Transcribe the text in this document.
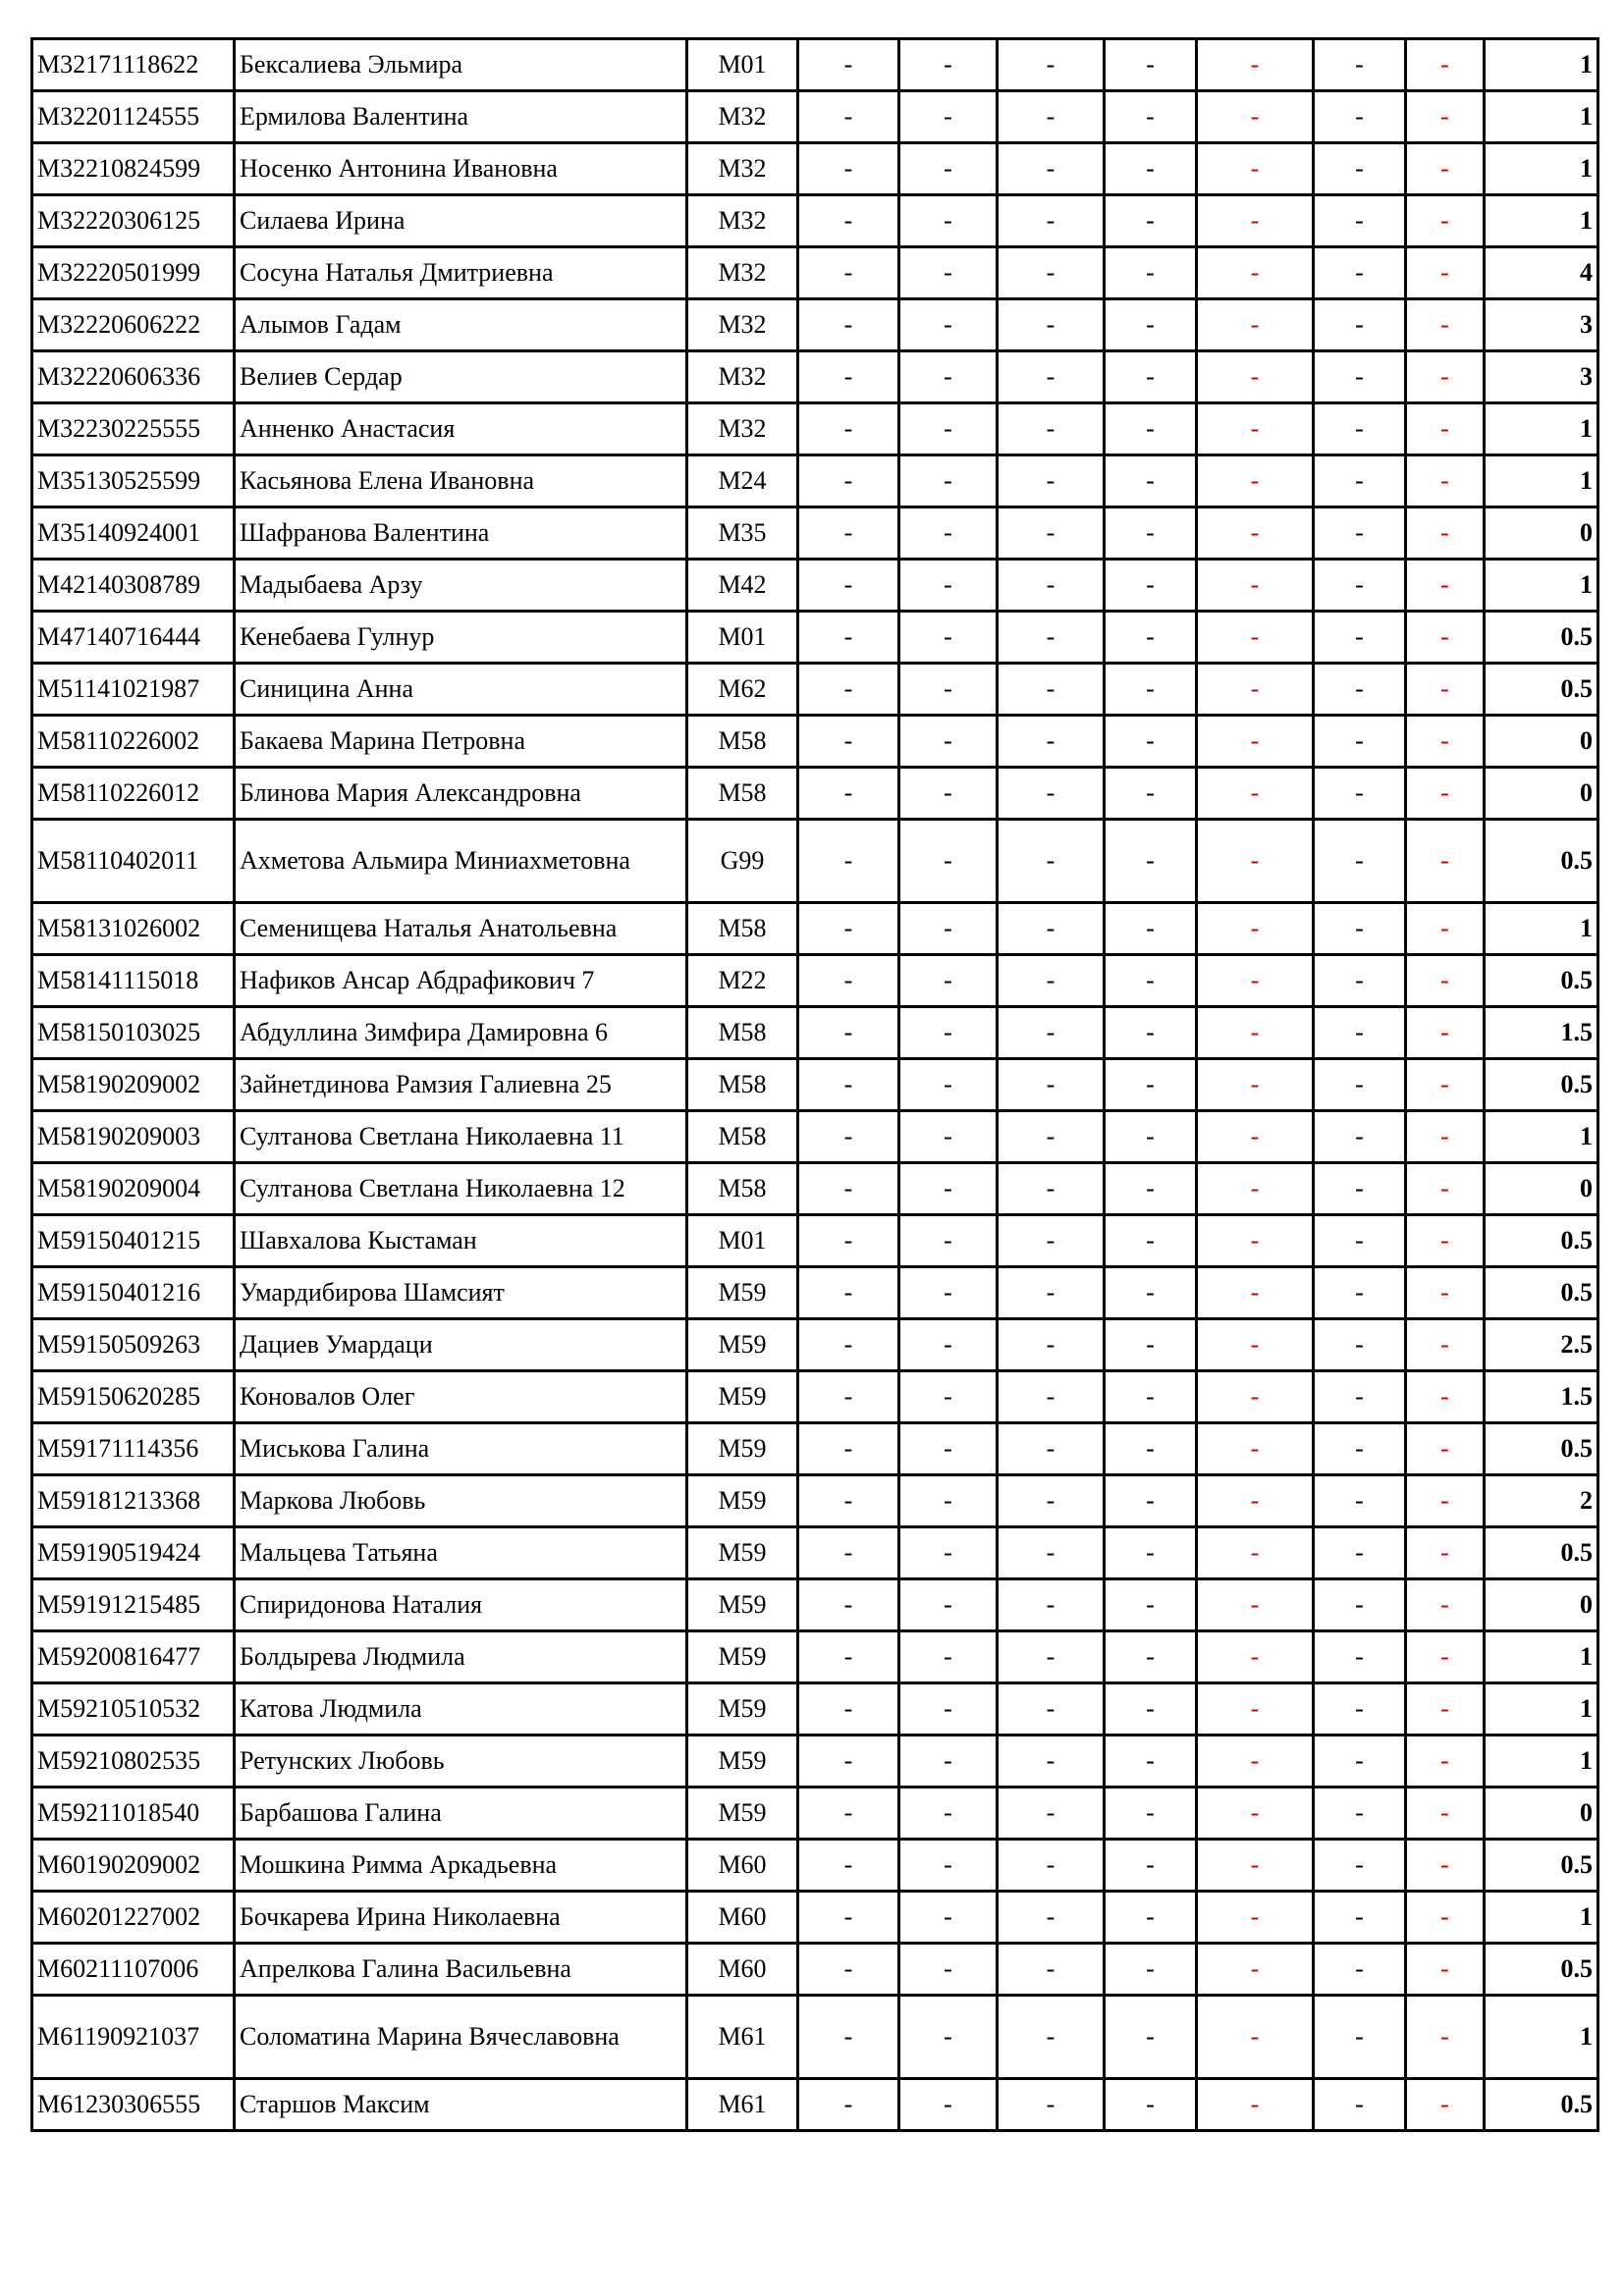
M32171118622	Бексалиева Эльмира	M01	-	-	-	-	-	-	-	1
M32201124555	Ермилова Валентина	M32	-	-	-	-	-	-	-	1
M32210824599	Носенко Антонина Ивановна	M32	-	-	-	-	-	-	-	1
M32220306125	Силаева Ирина	M32	-	-	-	-	-	-	-	1
M32220501999	Сосуна Наталья Дмитриевна	M32	-	-	-	-	-	-	-	4
M32220606222	Алымов Гадам	M32	-	-	-	-	-	-	-	3
M32220606336	Велиев Сердар	M32	-	-	-	-	-	-	-	3
M32230225555	Анненко Анастасия	M32	-	-	-	-	-	-	-	1
M35130525599	Касьянова Елена Ивановна	M24	-	-	-	-	-	-	-	1
M35140924001	Шафранова Валентина	M35	-	-	-	-	-	-	-	0
M42140308789	Мадыбаева Арзу	M42	-	-	-	-	-	-	-	1
M47140716444	Кенебаева Гулнур	M01	-	-	-	-	-	-	-	0.5
M51141021987	Синицина Анна	M62	-	-	-	-	-	-	-	0.5
M58110226002	Бакаева Марина Петровна	M58	-	-	-	-	-	-	-	0
M58110226012	Блинова Мария Александровна	M58	-	-	-	-	-	-	-	0
M58110402011	Ахметова Альмира Миниахметовна	G99	-	-	-	-	-	-	-	0.5
M58131026002	Семенищева Наталья Анатольевна	M58	-	-	-	-	-	-	-	1
M58141115018	Нафиков Ансар Абдрафикович 7	M22	-	-	-	-	-	-	-	0.5
M58150103025	Абдуллина Зимфира Дамировна 6	M58	-	-	-	-	-	-	-	1.5
M58190209002	Зайнетдинова Рамзия Галиевна 25	M58	-	-	-	-	-	-	-	0.5
M58190209003	Султанова Светлана Николаевна 11	M58	-	-	-	-	-	-	-	1
M58190209004	Султанова Светлана Николаевна 12	M58	-	-	-	-	-	-	-	0
M59150401215	Шавхалова Кыстаман	M01	-	-	-	-	-	-	-	0.5
M59150401216	Умардибирова Шамсият	M59	-	-	-	-	-	-	-	0.5
M59150509263	Дациев Умардаци	M59	-	-	-	-	-	-	-	2.5
M59150620285	Коновалов Олег	M59	-	-	-	-	-	-	-	1.5
M59171114356	Миськова Галина	M59	-	-	-	-	-	-	-	0.5
M59181213368	Маркова Любовь	M59	-	-	-	-	-	-	-	2
M59190519424	Мальцева Татьяна	M59	-	-	-	-	-	-	-	0.5
M59191215485	Спиридонова Наталия	M59	-	-	-	-	-	-	-	0
M59200816477	Болдырева Людмила	M59	-	-	-	-	-	-	-	1
M59210510532	Катова Людмила	M59	-	-	-	-	-	-	-	1
M59210802535	Ретунских Любовь	M59	-	-	-	-	-	-	-	1
M59211018540	Барбашова Галина	M59	-	-	-	-	-	-	-	0
M60190209002	Мошкина Римма Аркадьевна	M60	-	-	-	-	-	-	-	0.5
M60201227002	Бочкарева Ирина Николаевна	M60	-	-	-	-	-	-	-	1
M60211107006	Апрелкова Галина Васильевна	M60	-	-	-	-	-	-	-	0.5
M61190921037	Соломатина Марина Вячеславовна	M61	-	-	-	-	-	-	-	1
M61230306555	Старшов Максим	M61	-	-	-	-	-	-	-	0.5
